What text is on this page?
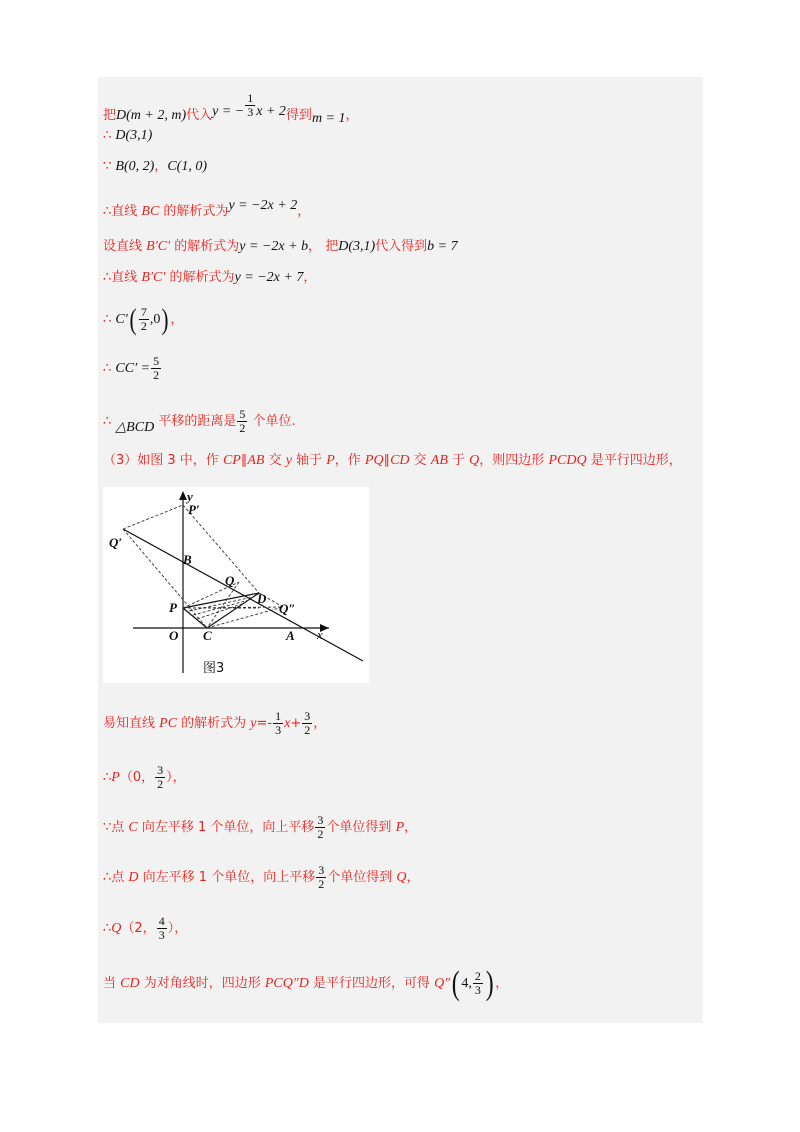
把D(m + 2, m)代入y = − $\frac{1}{3}$ x + 2得到m = 1，
∴ D(3,1)
∵ B(0, 2)，C(1, 0)
∴直线 BC 的解析式为y = −2x + 2，
设直线 B′C′ 的解析式为y = −2x + b， 把D(3,1)代入得到b = 7
∴直线 B′C′ 的解析式为y = −2x + 7，
∴ $C'( \frac{7}{2} ,0)$ ，
∴ $CC' = \frac{5}{2}$
∴ △BCD 平移的距离是 $\frac{5}{2}$ 个单位.
（3）如图 3 中，作 CP∥AB 交 y 轴于 P，作 PQ∥CD 交 AB 于 Q，则四边形 PCDQ 是平行四边形，
y
x
P′
Q′
B
Q
D
Q″
P
O C	A
图3
易知直线 PC 的解析式为 $y=- \frac{1}{3} x+ \frac{3}{2}$ ，
∴P（0， $\frac{3}{2}$ ），
∵点 C 向左平移 1 个单位，向上平移 $\frac{3}{2}$ 个单位得到 P，
∴点 D 向左平移 1 个单位，向上平移 $\frac{3}{2}$ 个单位得到 Q，
∴Q（2， $\frac{4}{3}$ ），
当 CD 为对角线时，四边形 PCQ″D 是平行四边形，可得 Q″( 4, $\frac{2}{3}$ ) ，
